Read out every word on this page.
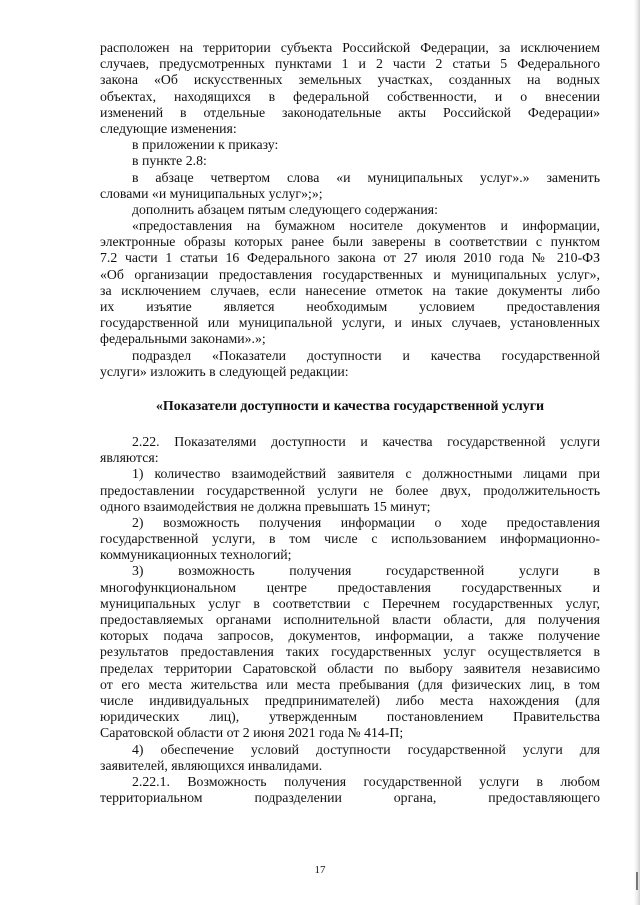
расположен на территории субъекта Российской Федерации, за исключением
случаев, предусмотренных пунктами 1 и 2 части 2 статьи 5 Федерального
закона «Об искусственных земельных участках, созданных на водных
объектах, находящихся в федеральной собственности, и о внесении
изменений в отдельные законодательные акты Российской Федерации»
следующие изменения:
в приложении к приказу:
в пункте 2.8:
в абзаце четвертом слова «и муниципальных услуг».» заменить
словами «и муниципальных услуг»;»;
дополнить абзацем пятым следующего содержания:
«предоставления на бумажном носителе документов и информации,
электронные образы которых ранее были заверены в соответствии с пунктом
7.2 части 1 статьи 16 Федерального закона от 27 июля 2010 года № 210-ФЗ
«Об организации предоставления государственных и муниципальных услуг»,
за исключением случаев, если нанесение отметок на такие документы либо
их изъятие является необходимым условием предоставления
государственной или муниципальной услуги, и иных случаев, установленных
федеральными законами».»;
подраздел «Показатели доступности и качества государственной
услуги» изложить в следующей редакции:
«Показатели доступности и качества государственной услуги
2.22. Показателями доступности и качества государственной услуги
являются:
1) количество взаимодействий заявителя с должностными лицами при
предоставлении государственной услуги не более двух, продолжительность
одного взаимодействия не должна превышать 15 минут;
2) возможность получения информации о ходе предоставления
государственной услуги, в том числе с использованием информационно-
коммуникационных технологий;
3) возможность получения государственной услуги в
многофункциональном центре предоставления государственных и
муниципальных услуг в соответствии с Перечнем государственных услуг,
предоставляемых органами исполнительной власти области, для получения
которых подача запросов, документов, информации, а также получение
результатов предоставления таких государственных услуг осуществляется в
пределах территории Саратовской области по выбору заявителя независимо
от его места жительства или места пребывания (для физических лиц, в том
числе индивидуальных предпринимателей) либо места нахождения (для
юридических лиц), утвержденным постановлением Правительства
Саратовской области от 2 июня 2021 года № 414-П;
4) обеспечение условий доступности государственной услуги для
заявителей, являющихся инвалидами.
2.22.1. Возможность получения государственной услуги в любом
территориальном подразделении органа, предоставляющего
17
